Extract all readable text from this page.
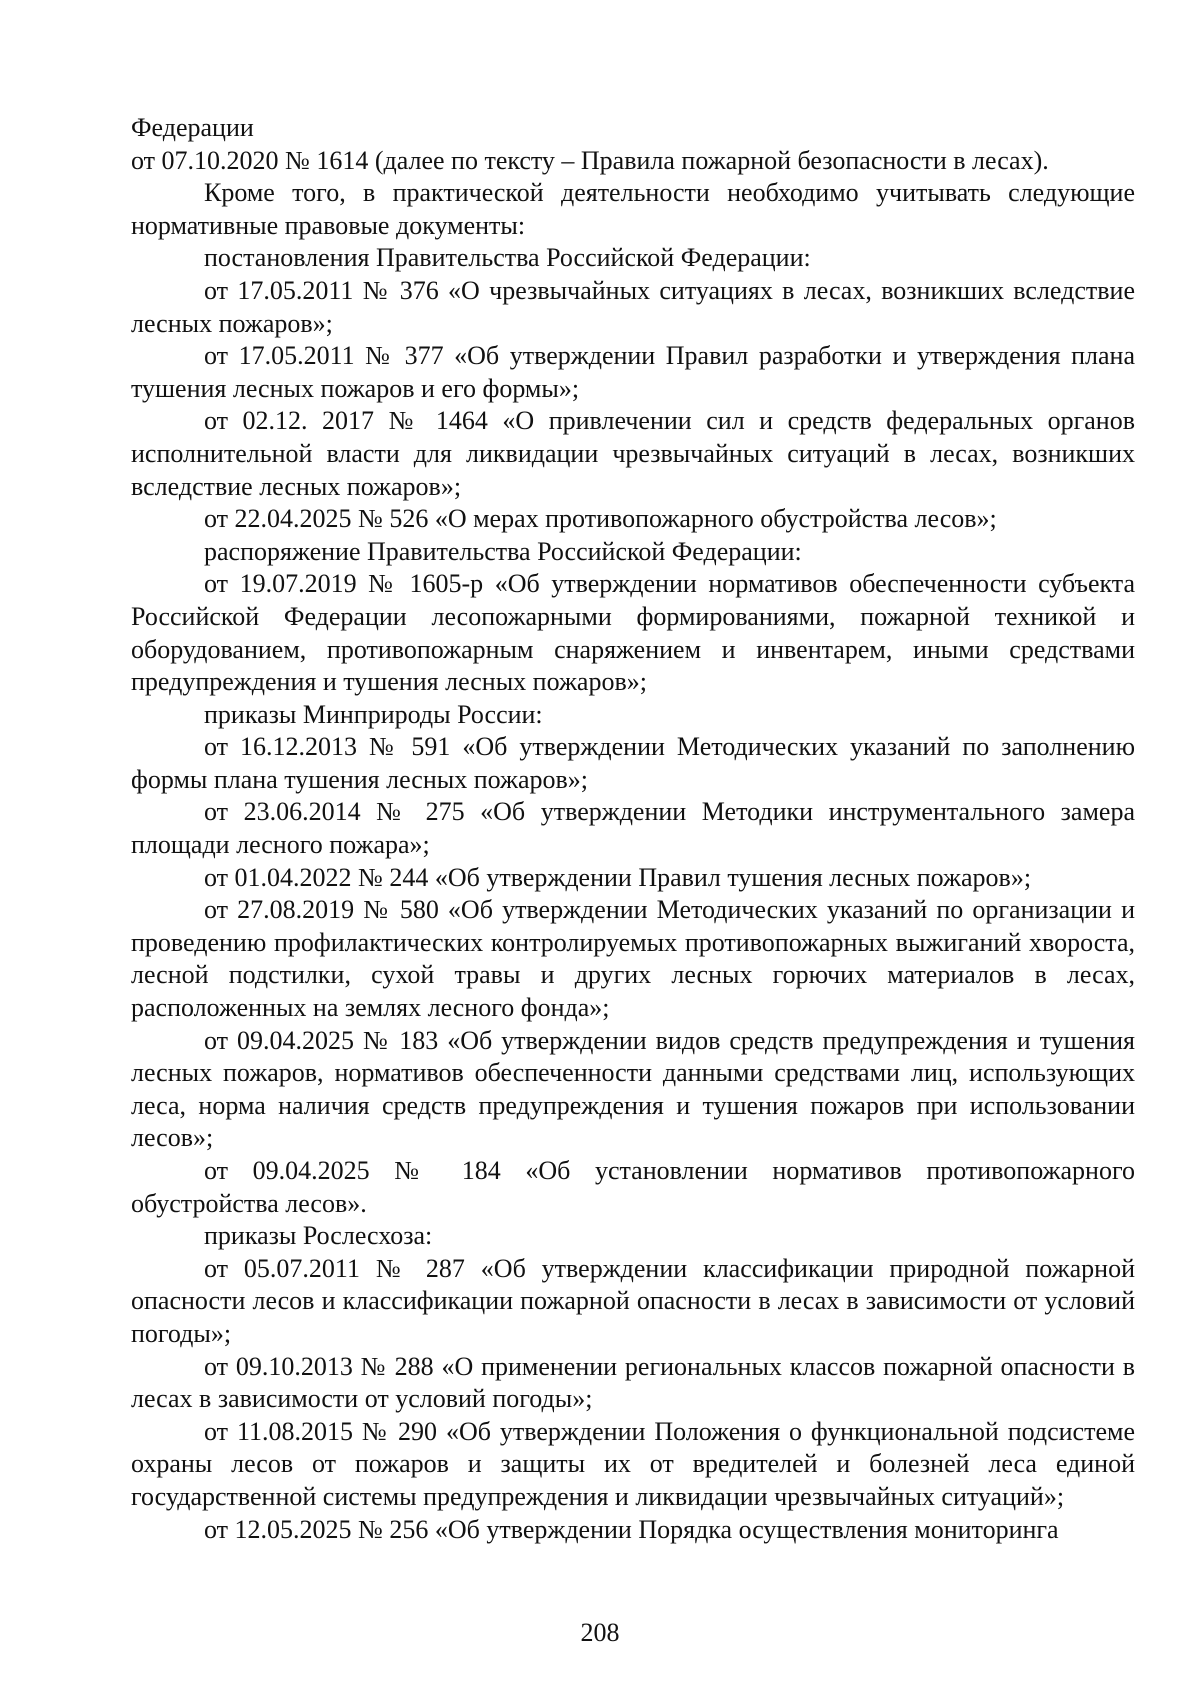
Федерации

от 07.10.2020 № 1614 (далее по тексту – Правила пожарной безопасности в лесах).

Кроме того, в практической деятельности необходимо учитывать следующие нормативные правовые документы:

постановления Правительства Российской Федерации:

от 17.05.2011 № 376 «О чрезвычайных ситуациях в лесах, возникших вследствие лесных пожаров»;

от 17.05.2011 № 377 «Об утверждении Правил разработки и утверждения плана тушения лесных пожаров и его формы»;

от 02.12. 2017 № 1464 «О привлечении сил и средств федеральных органов исполнительной власти для ликвидации чрезвычайных ситуаций в лесах, возникших вследствие лесных пожаров»;

от 22.04.2025 № 526 «О мерах противопожарного обустройства лесов»;

распоряжение Правительства Российской Федерации:

от 19.07.2019 № 1605-р «Об утверждении нормативов обеспеченности субъекта Российской Федерации лесопожарными формированиями, пожарной техникой и оборудованием, противопожарным снаряжением и инвентарем, иными средствами предупреждения и тушения лесных пожаров»;

приказы Минприроды России:

от 16.12.2013 № 591 «Об утверждении Методических указаний по заполнению формы плана тушения лесных пожаров»;

от 23.06.2014 № 275 «Об утверждении Методики инструментального замера площади лесного пожара»;

от 01.04.2022 № 244 «Об утверждении Правил тушения лесных пожаров»;

от 27.08.2019 № 580 «Об утверждении Методических указаний по организации и проведению профилактических контролируемых противопожарных выжиганий хвороста, лесной подстилки, сухой травы и других лесных горючих материалов в лесах, расположенных на землях лесного фонда»;

от 09.04.2025 № 183 «Об утверждении видов средств предупреждения и тушения лесных пожаров, нормативов обеспеченности данными средствами лиц, использующих леса, норма наличия средств предупреждения и тушения пожаров при использовании лесов»;

от 09.04.2025 № 184 «Об установлении нормативов противопожарного обустройства лесов».

приказы Рослесхоза:

от 05.07.2011 № 287 «Об утверждении классификации природной пожарной опасности лесов и классификации пожарной опасности в лесах в зависимости от условий погоды»;

от 09.10.2013 № 288 «О применении региональных классов пожарной опасности в лесах в зависимости от условий погоды»;

от 11.08.2015 № 290 «Об утверждении Положения о функциональной подсистеме охраны лесов от пожаров и защиты их от вредителей и болезней леса единой государственной системы предупреждения и ликвидации чрезвычайных ситуаций»;

от 12.05.2025 № 256 «Об утверждении Порядка осуществления мониторинга

208
